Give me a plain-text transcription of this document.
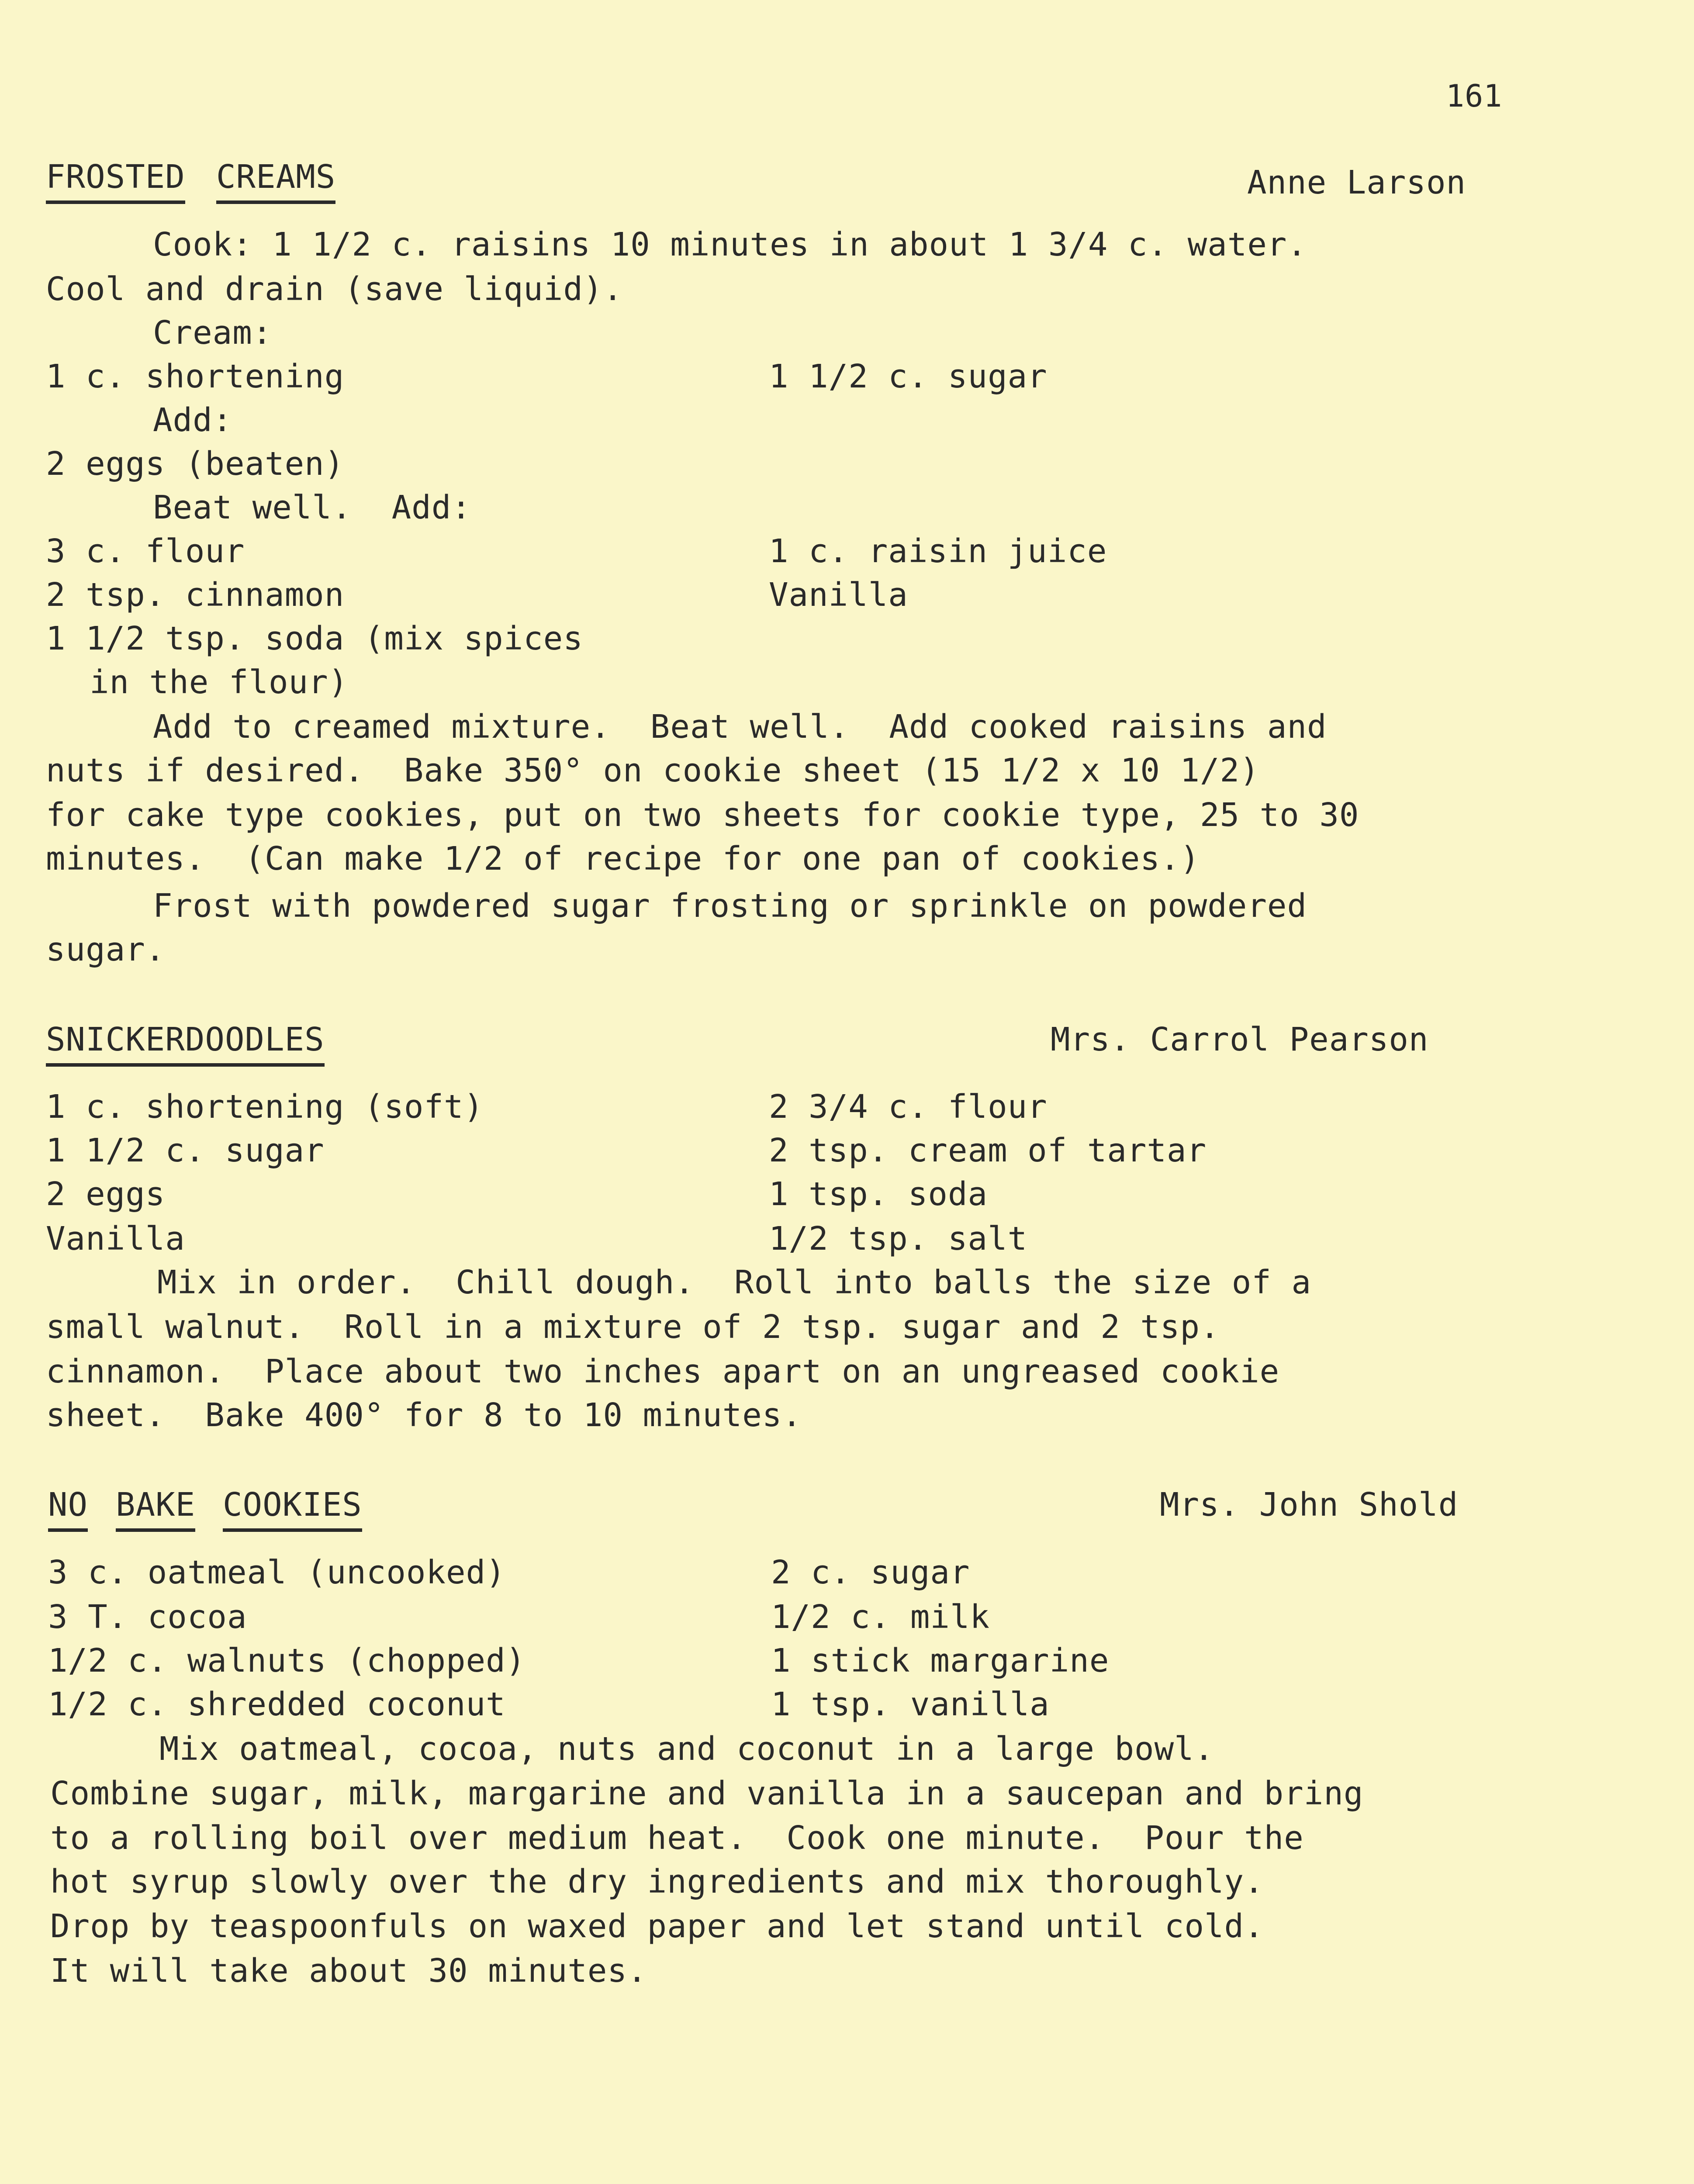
161
FROSTED CREAMS	Anne Larson
Cook: 1 1/2 c. raisins 10 minutes in about 1 3/4 c. water.
Cool and drain (save liquid).
Cream:
1 c. shortening	1 1/2 c. sugar
Add:
2 eggs (beaten)
Beat well.  Add:
3 c. flour	1 c. raisin juice
2 tsp. cinnamon	Vanilla
1 1/2 tsp. soda (mix spices
in the flour)
Add to creamed mixture.  Beat well.  Add cooked raisins and
nuts if desired.  Bake 350° on cookie sheet (15 1/2 x 10 1/2)
for cake type cookies, put on two sheets for cookie type, 25 to 30
minutes.  (Can make 1/2 of recipe for one pan of cookies.)
Frost with powdered sugar frosting or sprinkle on powdered
sugar.
SNICKERDOODLES	Mrs. Carrol Pearson
1 c. shortening (soft)	2 3/4 c. flour
1 1/2 c. sugar	2 tsp. cream of tartar
2 eggs	1 tsp. soda
Vanilla	1/2 tsp. salt
Mix in order.  Chill dough.  Roll into balls the size of a
small walnut.  Roll in a mixture of 2 tsp. sugar and 2 tsp.
cinnamon.  Place about two inches apart on an ungreased cookie
sheet.  Bake 400° for 8 to 10 minutes.
NO BAKE COOKIES	Mrs. John Shold
3 c. oatmeal (uncooked)	2 c. sugar
3 T. cocoa	1/2 c. milk
1/2 c. walnuts (chopped)	1 stick margarine
1/2 c. shredded coconut	1 tsp. vanilla
Mix oatmeal, cocoa, nuts and coconut in a large bowl.
Combine sugar, milk, margarine and vanilla in a saucepan and bring
to a rolling boil over medium heat.  Cook one minute.  Pour the
hot syrup slowly over the dry ingredients and mix thoroughly.
Drop by teaspoonfuls on waxed paper and let stand until cold.
It will take about 30 minutes.
